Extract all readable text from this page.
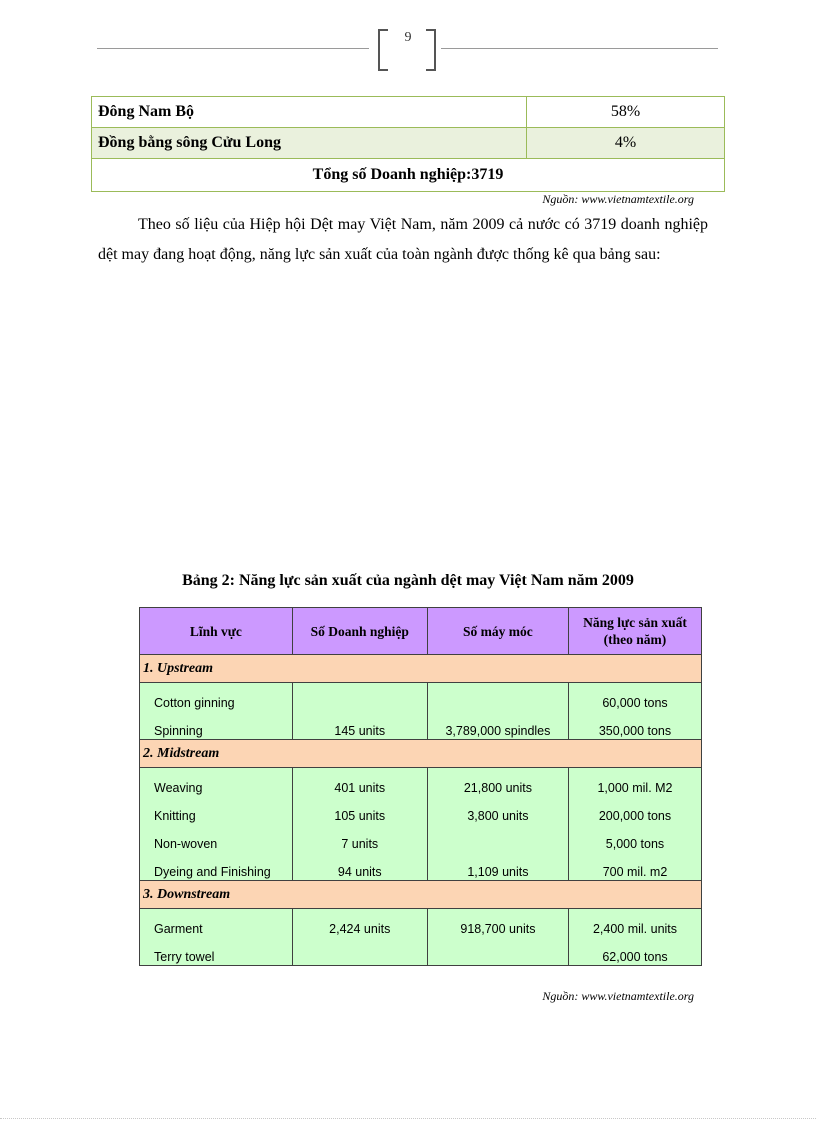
9
Đông Nam Bộ	58%
Đồng bằng sông Cửu Long	4%
Tổng số Doanh nghiệp:3719	
Nguồn: www.vietnamtextile.org

Theo số liệu của Hiệp hội Dệt may Việt Nam, năm 2009 cả nước có 3719 doanh nghiệp dệt may đang hoạt động, năng lực sản xuất của toàn ngành được thống kê qua bảng sau:

Bảng 2: Năng lực sản xuất của ngành dệt may Việt Nam năm 2009
Lĩnh vực	Số Doanh nghiệp	Số máy móc	Năng lực sản xuất
(theo năm)
1. Upstream			
Cotton ginning			60,000 tons
Spinning	145 units	3,789,000 spindles	350,000 tons
2. Midstream			
Weaving	401 units	21,800 units	1,000 mil. M2
Knitting	105 units	3,800 units	200,000 tons
Non-woven	7 units		5,000 tons
Dyeing and Finishing	94 units	1,109 units	700 mil. m2
3. Downstream			
Garment	2,424 units	918,700 units	2,400 mil. units
Terry towel			62,000 tons
Nguồn: www.vietnamtextile.org
